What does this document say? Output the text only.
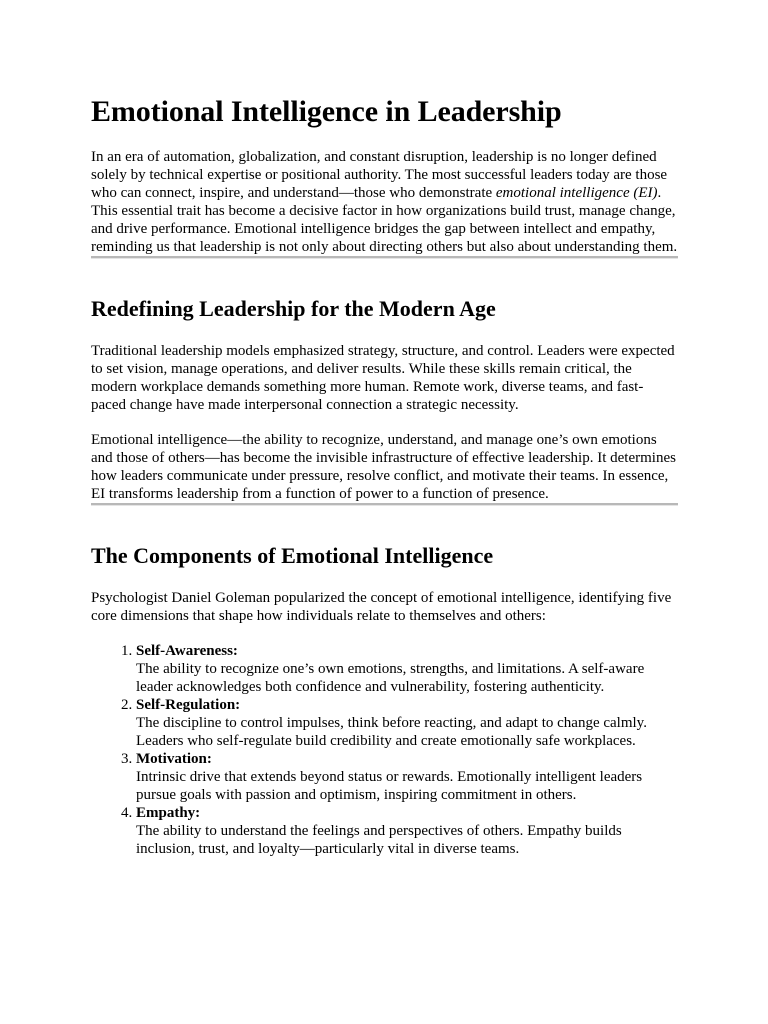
Emotional Intelligence in Leadership

In an era of automation, globalization, and constant disruption, leadership is no longer defined solely by technical expertise or positional authority. The most successful leaders today are those who can connect, inspire, and understand—those who demonstrate emotional intelligence (EI). This essential trait has become a decisive factor in how organizations build trust, manage change, and drive performance. Emotional intelligence bridges the gap between intellect and empathy, reminding us that leadership is not only about directing others but also about understanding them.

Redefining Leadership for the Modern Age

Traditional leadership models emphasized strategy, structure, and control. Leaders were expected to set vision, manage operations, and deliver results. While these skills remain critical, the modern workplace demands something more human. Remote work, diverse teams, and fast-paced change have made interpersonal connection a strategic necessity.

Emotional intelligence—the ability to recognize, understand, and manage one’s own emotions and those of others—has become the invisible infrastructure of effective leadership. It determines how leaders communicate under pressure, resolve conflict, and motivate their teams. In essence, EI transforms leadership from a function of power to a function of presence.

The Components of Emotional Intelligence

Psychologist Daniel Goleman popularized the concept of emotional intelligence, identifying five core dimensions that shape how individuals relate to themselves and others:

1. Self-Awareness:
The ability to recognize one’s own emotions, strengths, and limitations. A self-aware leader acknowledges both confidence and vulnerability, fostering authenticity.
2. Self-Regulation:
The discipline to control impulses, think before reacting, and adapt to change calmly. Leaders who self-regulate build credibility and create emotionally safe workplaces.
3. Motivation:
Intrinsic drive that extends beyond status or rewards. Emotionally intelligent leaders pursue goals with passion and optimism, inspiring commitment in others.
4. Empathy:
The ability to understand the feelings and perspectives of others. Empathy builds inclusion, trust, and loyalty—particularly vital in diverse teams.
